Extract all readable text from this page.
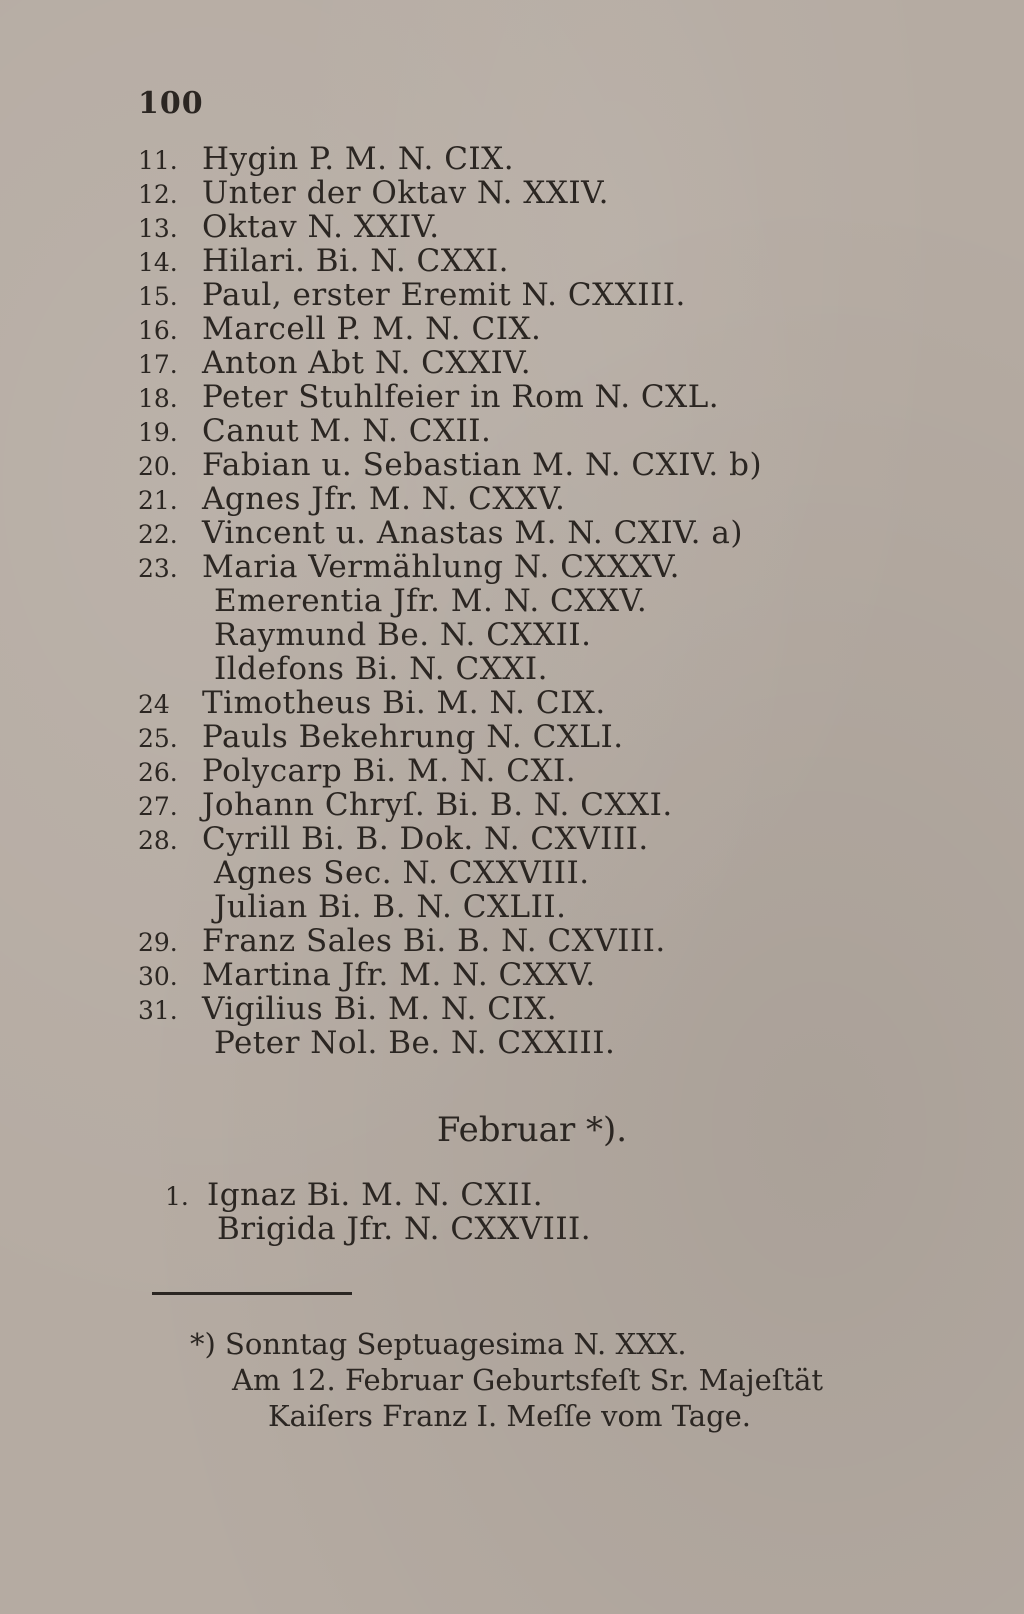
100
11. Hygin P. M. N. CIX.
12. Unter der Oktav N. XXIV.
13. Oktav N. XXIV.
14. Hilari. Bi. N. CXXI.
15. Paul, erster Eremit N. CXXIII.
16. Marcell P. M. N. CIX.
17. Anton Abt N. CXXIV.
18. Peter Stuhlfeier in Rom N. CXL.
19. Canut M. N. CXII.
20. Fabian u. Sebastian M. N. CXIV. b)
21. Agnes Jfr. M. N. CXXV.
22. Vincent u. Anastas M. N. CXIV. a)
23. Maria Vermählung N. CXXXV.
Emerentia Jfr. M. N. CXXV.
Raymund Be. N. CXXII.
Ildefons Bi. N. CXXI.
24 Timotheus Bi. M. N. CIX.
25. Pauls Bekehrung N. CXLI.
26. Polycarp Bi. M. N. CXI.
27. Johann Chryſ. Bi. B. N. CXXI.
28. Cyrill Bi. B. Dok. N. CXVIII.
Agnes Sec. N. CXXVIII.
Julian Bi. B. N. CXLII.
29. Franz Sales Bi. B. N. CXVIII.
30. Martina Jfr. M. N. CXXV.
31. Vigilius Bi. M. N. CIX.
Peter Nol. Be. N. CXXIII.
Februar *).
1. Ignaz Bi. M. N. CXII.
Brigida Jfr. N. CXXVIII.
*) Sonntag Septuagesima N. XXX.
Am 12. Februar Geburtsfeſt Sr. Majeſtät
Kaiſers Franz I. Meſſe vom Tage.
